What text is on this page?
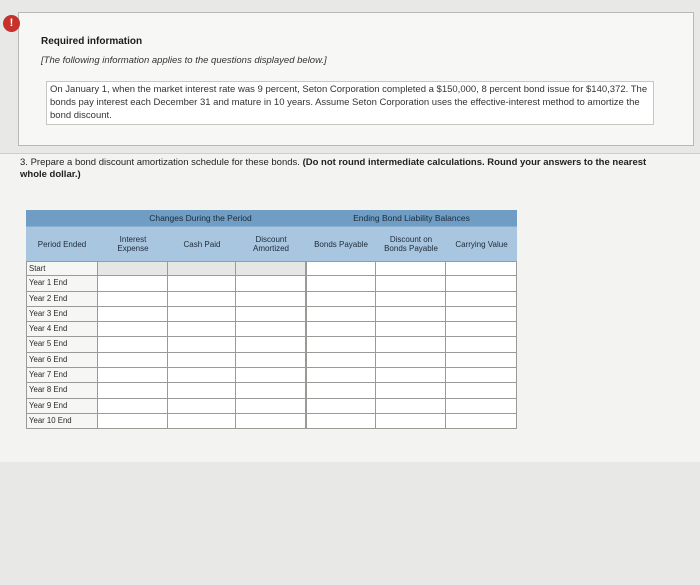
!
Required information
[The following information applies to the questions displayed below.]
On January 1, when the market interest rate was 9 percent, Seton Corporation completed a $150,000, 8 percent bond issue for $140,372. The bonds pay interest each December 31 and mature in 10 years. Assume Seton Corporation uses the effective-interest method to amortize the bond discount.
3. Prepare a bond discount amortization schedule for these bonds. (Do not round intermediate calculations. Round your answers to the nearest whole dollar.)
Changes During the Period	Ending Bond Liability Balances
Period Ended	Interest Expense	Cash Paid	Discount Amortized	Bonds Payable	Discount on Bonds Payable	Carrying Value
Start
Year 1 End
Year 2 End
Year 3 End
Year 4 End
Year 5 End
Year 6 End
Year 7 End
Year 8 End
Year 9 End
Year 10 End
